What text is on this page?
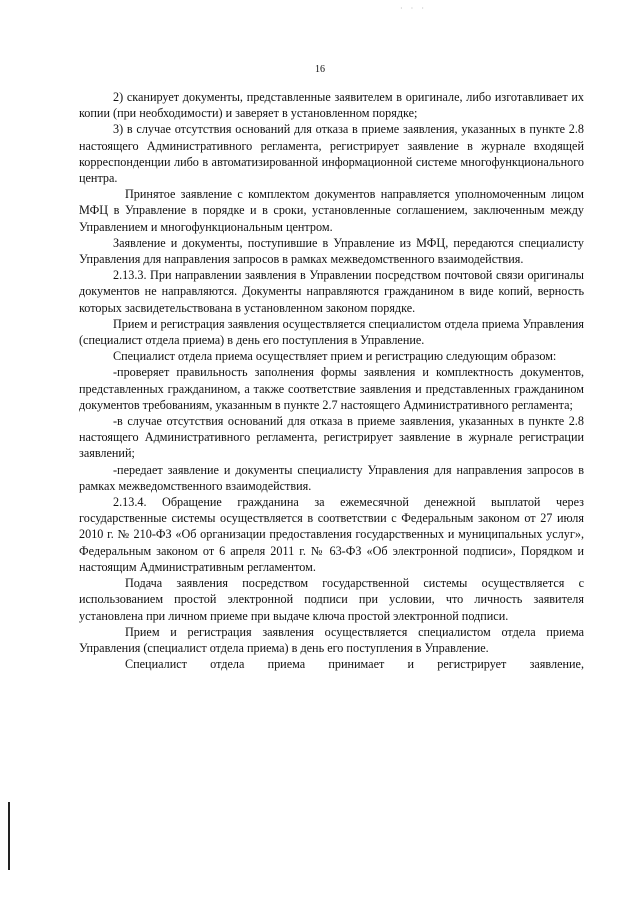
· · ·
16

2) сканирует документы, представленные заявителем в оригинале, либо изготавливает их копии (при необходимости) и заверяет в установленном порядке;

3) в случае отсутствия оснований для отказа в приеме заявления, указанных в пункте 2.8 настоящего Административного регламента, регистрирует заявление в журнале входящей корреспонденции либо в автоматизированной информационной системе многофункционального центра.

Принятое заявление с комплектом документов направляется уполномоченным лицом МФЦ в Управление в порядке и в сроки, установленные соглашением, заключенным между Управлением и многофункциональным центром.

Заявление и документы, поступившие в Управление из МФЦ, передаются специалисту Управления для направления запросов в рамках межведомственного взаимодействия.

2.13.3. При направлении заявления в Управлении посредством почтовой связи оригиналы документов не направляются. Документы направляются гражданином в виде копий, верность которых засвидетельствована в установленном законом порядке.

Прием и регистрация заявления осуществляется специалистом отдела приема Управления (специалист отдела приема) в день его поступления в Управление.

Специалист отдела приема осуществляет прием и регистрацию следующим образом:

-проверяет правильность заполнения формы заявления и комплектность документов, представленных гражданином, а также соответствие заявления и представленных гражданином документов требованиям, указанным в пункте 2.7 настоящего Административного регламента;

-в случае отсутствия оснований для отказа в приеме заявления, указанных в пункте 2.8 настоящего Административного регламента, регистрирует заявление в журнале регистрации заявлений;

-передает заявление и документы специалисту Управления для направления запросов в рамках межведомственного взаимодействия.

2.13.4. Обращение гражданина за ежемесячной денежной выплатой через государственные системы осуществляется в соответствии с Федеральным законом от 27 июля 2010 г. № 210-ФЗ «Об организации предоставления государственных и муниципальных услуг», Федеральным законом от 6 апреля 2011 г. № 63-ФЗ «Об электронной подписи», Порядком и настоящим Административным регламентом.

Подача заявления посредством государственной системы осуществляется с использованием простой электронной подписи при условии, что личность заявителя установлена при личном приеме при выдаче ключа простой электронной подписи.

Прием и регистрация заявления осуществляется специалистом отдела приема Управления (специалист отдела приема) в день его поступления в Управление.

Специалист отдела приема принимает и регистрирует заявление,
